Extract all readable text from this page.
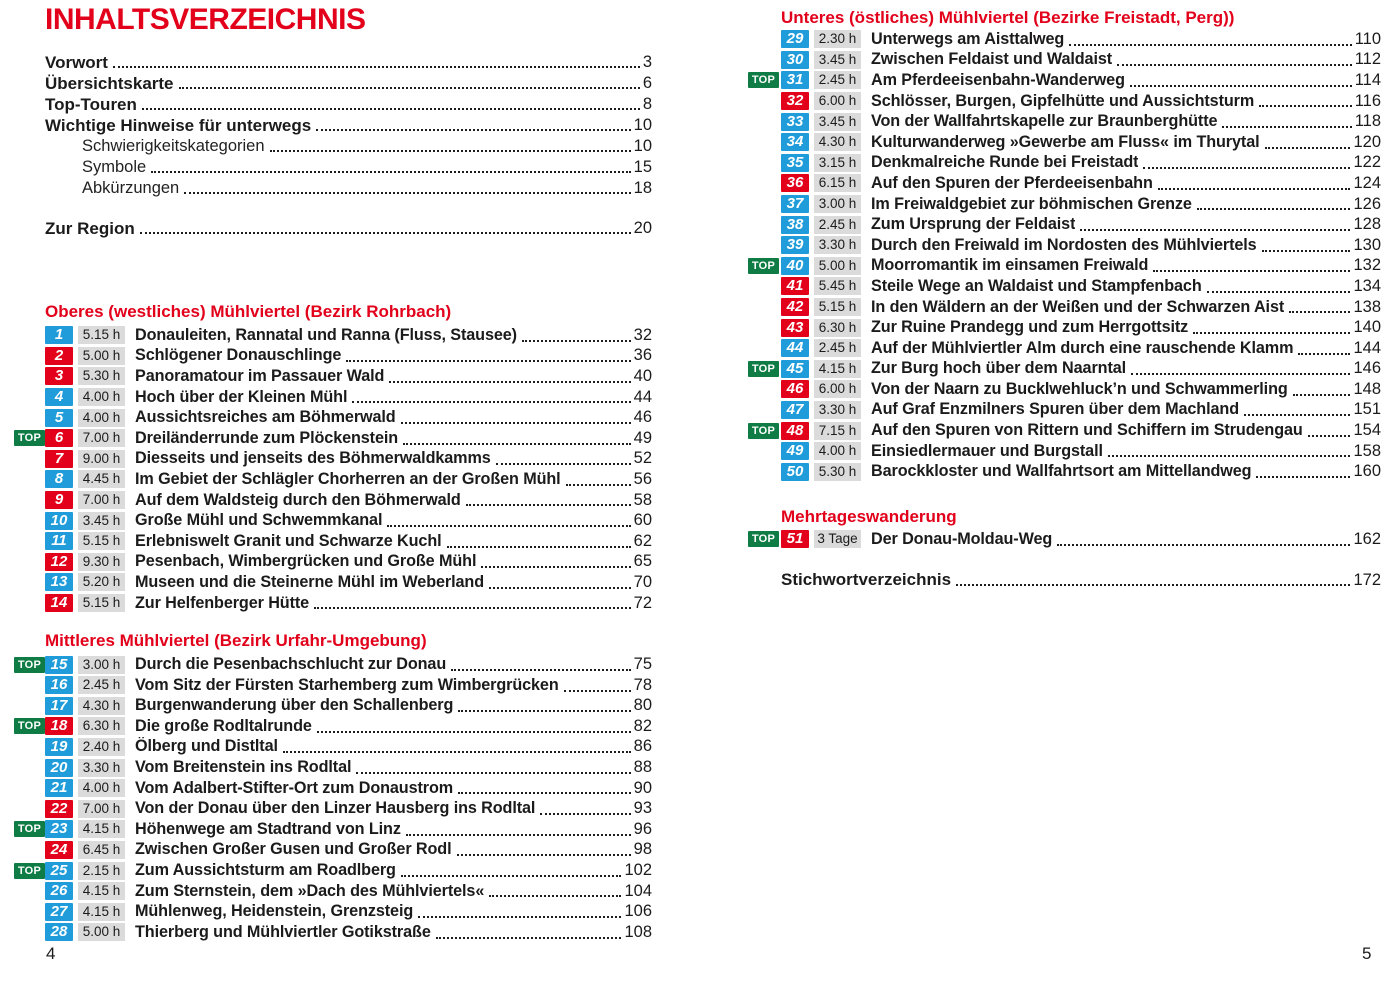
INHALTSVERZEICHNIS
Vorwort	3
Übersichtskarte	6
Top-Touren	8
Wichtige Hinweise für unterwegs	10
Schwierigkeitskategorien	10
Symbole	15
Abkürzungen	18
Zur Region	20
Oberes (westliches) Mühlviertel (Bezirk Rohrbach)
1	5.15 h Donauleiten, Rannatal und Ranna (Fluss, Stausee)	32
2	5.00 h Schlögener Donauschlinge	36
3	5.30 h Panoramatour im Passauer Wald	40
4	4.00 h Hoch über der Kleinen Mühl	44
5	4.00 h Aussichtsreiches am Böhmerwald	46
TOP 6	7.00 h Dreiländerrunde zum Plöckenstein	49
7	9.00 h Diesseits und jenseits des Böhmerwaldkamms	52
8	4.45 h Im Gebiet der Schlägler Chorherren an der Großen Mühl	56
9	7.00 h Auf dem Waldsteig durch den Böhmerwald	58
10	3.45 h Große Mühl und Schwemmkanal	60
11	5.15 h Erlebniswelt Granit und Schwarze Kuchl	62
12	9.30 h Pesenbach, Wimbergrücken und Große Mühl	65
13	5.20 h Museen und die Steinerne Mühl im Weberland	70
14	5.15 h Zur Helfenberger Hütte	72
Mittleres Mühlviertel (Bezirk Urfahr-Umgebung)
TOP 15	3.00 h Durch die Pesenbachschlucht zur Donau	75
16	2.45 h Vom Sitz der Fürsten Starhemberg zum Wimbergrücken	78
17	4.30 h Burgenwanderung über den Schallenberg	80
TOP 18	6.30 h Die große Rodltalrunde	82
19	2.40 h Ölberg und Distltal	86
20	3.30 h Vom Breitenstein ins Rodltal	88
21	4.00 h Vom Adalbert-Stifter-Ort zum Donaustrom	90
22	7.00 h Von der Donau über den Linzer Hausberg ins Rodltal	93
TOP 23	4.15 h Höhenwege am Stadtrand von Linz	96
24	6.45 h Zwischen Großer Gusen und Großer Rodl	98
TOP 25	2.15 h Zum Aussichtsturm am Roadlberg	102
26	4.15 h Zum Sternstein, dem »Dach des Mühlviertels«	104
27	4.15 h Mühlenweg, Heidenstein, Grenzsteig	106
28	5.00 h Thierberg und Mühlviertler Gotikstraße	108
Unteres (östliches) Mühlviertel (Bezirke Freistadt, Perg))
29	2.30 h Unterwegs am Aisttalweg	110
30	3.45 h Zwischen Feldaist und Waldaist	112
TOP 31	2.45 h Am Pferdeeisenbahn-Wanderweg	114
32	6.00 h Schlösser, Burgen, Gipfelhütte und Aussichtsturm	116
33	3.45 h Von der Wallfahrtskapelle zur Braunberghütte	118
34	4.30 h Kulturwanderweg »Gewerbe am Fluss« im Thurytal	120
35	3.15 h Denkmalreiche Runde bei Freistadt	122
36	6.15 h Auf den Spuren der Pferdeeisenbahn	124
37	3.00 h Im Freiwaldgebiet zur böhmischen Grenze	126
38	2.45 h Zum Ursprung der Feldaist	128
39	3.30 h Durch den Freiwald im Nordosten des Mühlviertels	130
TOP 40	5.00 h Moorromantik im einsamen Freiwald	132
41	5.45 h Steile Wege an Waldaist und Stampfenbach	134
42	5.15 h In den Wäldern an der Weißen und der Schwarzen Aist	138
43	6.30 h Zur Ruine Prandegg und zum Herrgottsitz	140
44	2.45 h Auf der Mühlviertler Alm durch eine rauschende Klamm	144
TOP 45	4.15 h Zur Burg hoch über dem Naarntal	146
46	6.00 h Von der Naarn zu Bucklwehluck’n und Schwammerling	148
47	3.30 h Auf Graf Enzmilners Spuren über dem Machland	151
TOP 48	7.15 h Auf den Spuren von Rittern und Schiffern im Strudengau	154
49	4.00 h Einsiedlermauer und Burgstall	158
50	5.30 h Barockkloster und Wallfahrtsort am Mittellandweg	160
Mehrtageswanderung
TOP 51	3 Tage Der Donau-Moldau-Weg	162
Stichwortverzeichnis	172
4	5
